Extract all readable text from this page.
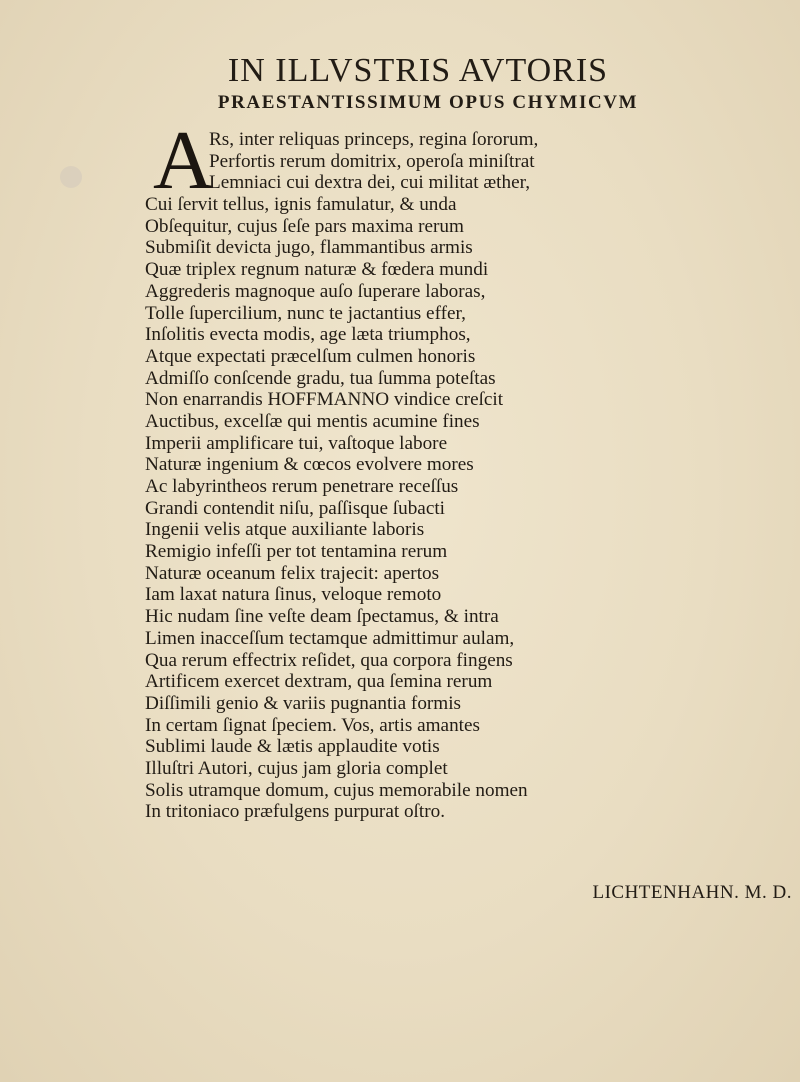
IN ILLVSTRIS AVTORIS
PRAESTANTISSIMUM OPUS CHYMICVM
A
Rs, inter reliquas princeps, regina ſororum,
Perfortis rerum domitrix, operoſa miniſtrat
Lemniaci cui dextra dei, cui militat æther,
Cui ſervit tellus, ignis famulatur, & unda
Obſequitur, cujus ſeſe pars maxima rerum
Submiſit devicta jugo, flammantibus armis
Quæ triplex regnum naturæ & fœdera mundi
Aggrederis magnoque auſo ſuperare laboras,
Tolle ſupercilium, nunc te jactantius effer,
Inſolitis evecta modis, age læta triumphos,
Atque expectati præcelſum culmen honoris
Admiſſo conſcende gradu, tua ſumma poteſtas
Non enarrandis HOFFMANNO vindice creſcit
Auctibus, excelſæ qui mentis acumine fines
Imperii amplificare tui, vaſtoque labore
Naturæ ingenium & cœcos evolvere mores
Ac labyrintheos rerum penetrare receſſus
Grandi contendit niſu, paſſisque ſubacti
Ingenii velis atque auxiliante laboris
Remigio infeſſi per tot tentamina rerum
Naturæ oceanum felix trajecit: apertos
Iam laxat natura ſinus, veloque remoto
Hic nudam ſine veſte deam ſpectamus, & intra
Limen inacceſſum tectamque admittimur aulam,
Qua rerum effectrix reſidet, qua corpora fingens
Artificem exercet dextram, qua ſemina rerum
Diſſimili genio & variis pugnantia formis
In certam ſignat ſpeciem. Vos, artis amantes
Sublimi laude & lætis applaudite votis
Illuſtri Autori, cujus jam gloria complet
Solis utramque domum, cujus memorabile nomen
In tritoniaco præfulgens purpurat oſtro.
LICHTENHAHN. M. D.
